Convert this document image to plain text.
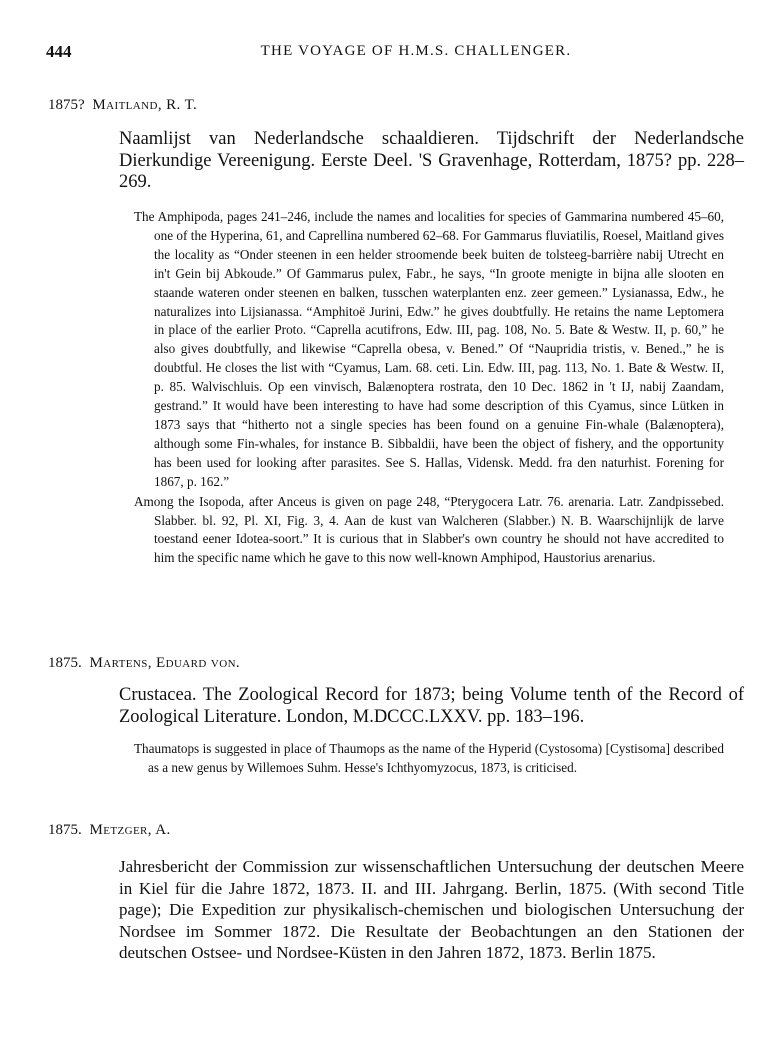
444	THE VOYAGE OF H.M.S. CHALLENGER.
1875? Maitland, R. T.
Naamlijst van Nederlandsche schaaldieren. Tijdschrift der Nederlandsche Dierkundige Vereenigung. Eerste Deel. 'S Gravenhage, Rotterdam, 1875? pp. 228–269.

The Amphipoda, pages 241–246, include the names and localities for species of Gammarina numbered 45–60, one of the Hyperina, 61, and Caprellina numbered 62–68. For Gammarus fluviatilis, Roesel, Maitland gives the locality as “Onder steenen in een helder stroomende beek buiten de tolsteeg-barrière nabij Utrecht en in't Gein bij Abkoude.” Of Gammarus pulex, Fabr., he says, “In groote menigte in bijna alle slooten en staande wateren onder steenen en balken, tusschen waterplanten enz. zeer gemeen.” Lysianassa, Edw., he naturalizes into Lijsianassa. “Amphitoë Jurini, Edw.” he gives doubtfully. He retains the name Leptomera in place of the earlier Proto. “Caprella acutifrons, Edw. III, pag. 108, No. 5. Bate & Westw. II, p. 60,” he also gives doubtfully, and likewise “Caprella obesa, v. Bened.” Of “Naupridia tristis, v. Bened.,” he is doubtful. He closes the list with “Cyamus, Lam. 68. ceti. Lin. Edw. III, pag. 113, No. 1. Bate & Westw. II, p. 85. Walvischluis. Op een vinvisch, Balænoptera rostrata, den 10 Dec. 1862 in 't IJ, nabij Zaandam, gestrand.” It would have been interesting to have had some description of this Cyamus, since Lütken in 1873 says that “hitherto not a single species has been found on a genuine Fin-whale (Balænoptera), although some Fin-whales, for instance B. Sibbaldii, have been the object of fishery, and the opportunity has been used for looking after parasites. See S. Hallas, Vidensk. Medd. fra den naturhist. Forening for 1867, p. 162.”

Among the Isopoda, after Anceus is given on page 248, “Pterygocera Latr. 76. arenaria. Latr. Zandpissebed. Slabber. bl. 92, Pl. XI, Fig. 3, 4. Aan de kust van Walcheren (Slabber.) N. B. Waarschijnlijk de larve toestand eener Idotea-soort.” It is curious that in Slabber's own country he should not have accredited to him the specific name which he gave to this now well-known Amphipod, Haustorius arenarius.

1875. Martens, Eduard von.
Crustacea. The Zoological Record for 1873; being Volume tenth of the Record of Zoological Literature. London, M.DCCC.LXXV. pp. 183–196.

Thaumatops is suggested in place of Thaumops as the name of the Hyperid (Cystosoma) [Cystisoma] described as a new genus by Willemoes Suhm. Hesse's Ichthyomyzocus, 1873, is criticised.

1875. Metzger, A.
Jahresbericht der Commission zur wissenschaftlichen Untersuchung der deutschen Meere in Kiel für die Jahre 1872, 1873. II. and III. Jahrgang. Berlin, 1875. (With second Title page); Die Expedition zur physikalisch-chemischen und biologischen Untersuchung der Nordsee im Sommer 1872. Die Resultate der Beobachtungen an den Stationen der deutschen Ostsee- und Nordsee-Küsten in den Jahren 1872, 1873. Berlin 1875.
